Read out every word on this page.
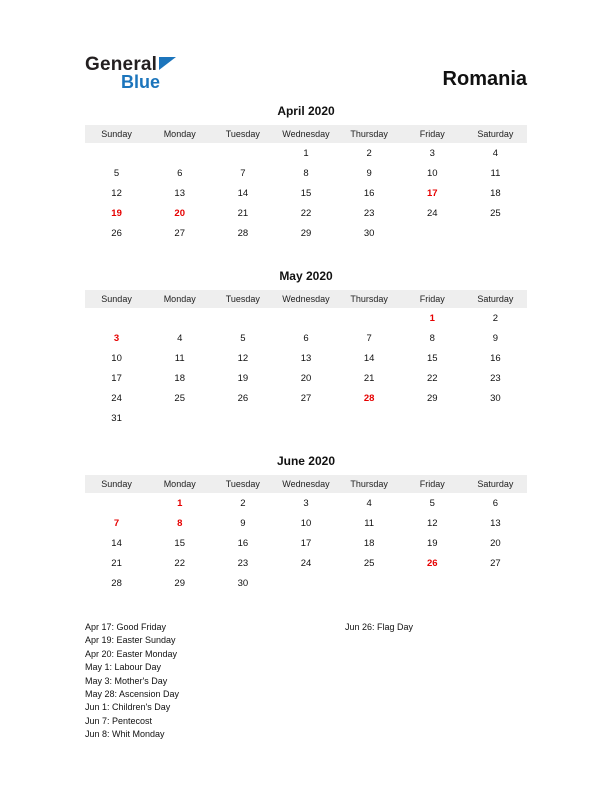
General
Blue	Romania
April 2020
Sunday	Monday	Tuesday	Wednesday	Thursday	Friday	Saturday
			1	2	3	4
5	6	7	8	9	10	11
12	13	14	15	16	17	18
19	20	21	22	23	24	25
26	27	28	29	30		
May 2020
Sunday	Monday	Tuesday	Wednesday	Thursday	Friday	Saturday
					1	2
3	4	5	6	7	8	9
10	11	12	13	14	15	16
17	18	19	20	21	22	23
24	25	26	27	28	29	30
31						
June 2020
Sunday	Monday	Tuesday	Wednesday	Thursday	Friday	Saturday
	1	2	3	4	5	6
7	8	9	10	11	12	13
14	15	16	17	18	19	20
21	22	23	24	25	26	27
28	29	30				
Apr 17: Good Friday
Apr 19: Easter Sunday
Apr 20: Easter Monday
May 1: Labour Day
May 3: Mother's Day
May 28: Ascension Day
Jun 1: Children's Day
Jun 7: Pentecost
Jun 8: Whit Monday
Jun 26: Flag Day
